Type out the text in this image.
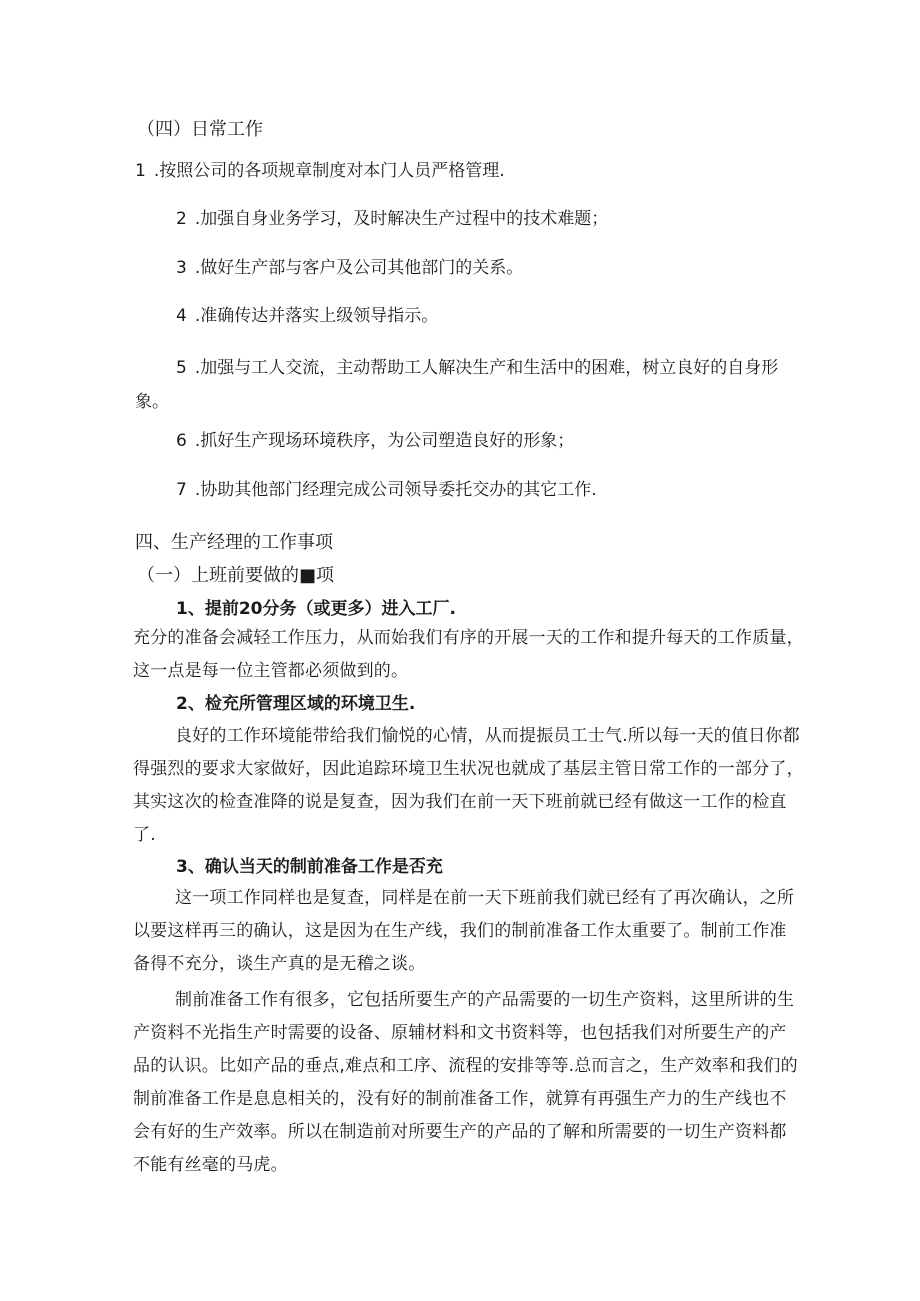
（四）日常工作
1 .按照公司的各项规章制度对本门人员严格管理.
2 .加强自身业务学习，及时解决生产过程中的技术难题；
3 .做好生产部与客户及公司其他部门的关系。
4 .准确传达并落实上级领导指示。
5 .加强与工人交流，主动帮助工人解决生产和生活中的困难，树立良好的自身形
象。
6 .抓好生产现场环境秩序，为公司塑造良好的形象；
7 .协助其他部门经理完成公司领导委托交办的其它工作.
四、生产经理的工作事项
（一）上班前要做的■项
1、提前20分务（或更多）进入工厂.
充分的准备会减轻工作压力，从而始我们有序的开展一天的工作和提升每天的工作质量，
这一点是每一位主管都必须做到的。
2、检充所管理区域的环境卫生.
良好的工作环境能带给我们愉悦的心情，从而提振员工士气.所以每一天的值日你都
得强烈的要求大家做好，因此追踪环境卫生状况也就成了基层主管日常工作的一部分了，
其实这次的检查准降的说是复查，因为我们在前一天下班前就已经有做这一工作的检直
了.
3、确认当天的制前准备工作是否充
这一项工作同样也是复查，同样是在前一天下班前我们就已经有了再次确认，之所
以要这样再三的确认，这是因为在生产线，我们的制前准备工作太重要了。制前工作准
备得不充分，谈生产真的是无稽之谈。
制前准备工作有很多，它包括所要生产的产品需要的一切生产资料，这里所讲的生
产资料不光指生产时需要的设备、原辅材料和文书资料等，也包括我们对所要生产的产
品的认识。比如产品的垂点,难点和工序、流程的安排等等.总而言之，生产效率和我们的
制前准备工作是息息相关的，没有好的制前准备工作，就算有再强生产力的生产线也不
会有好的生产效率。所以在制造前对所要生产的产品的了解和所需要的一切生产资料都
不能有丝毫的马虎。
